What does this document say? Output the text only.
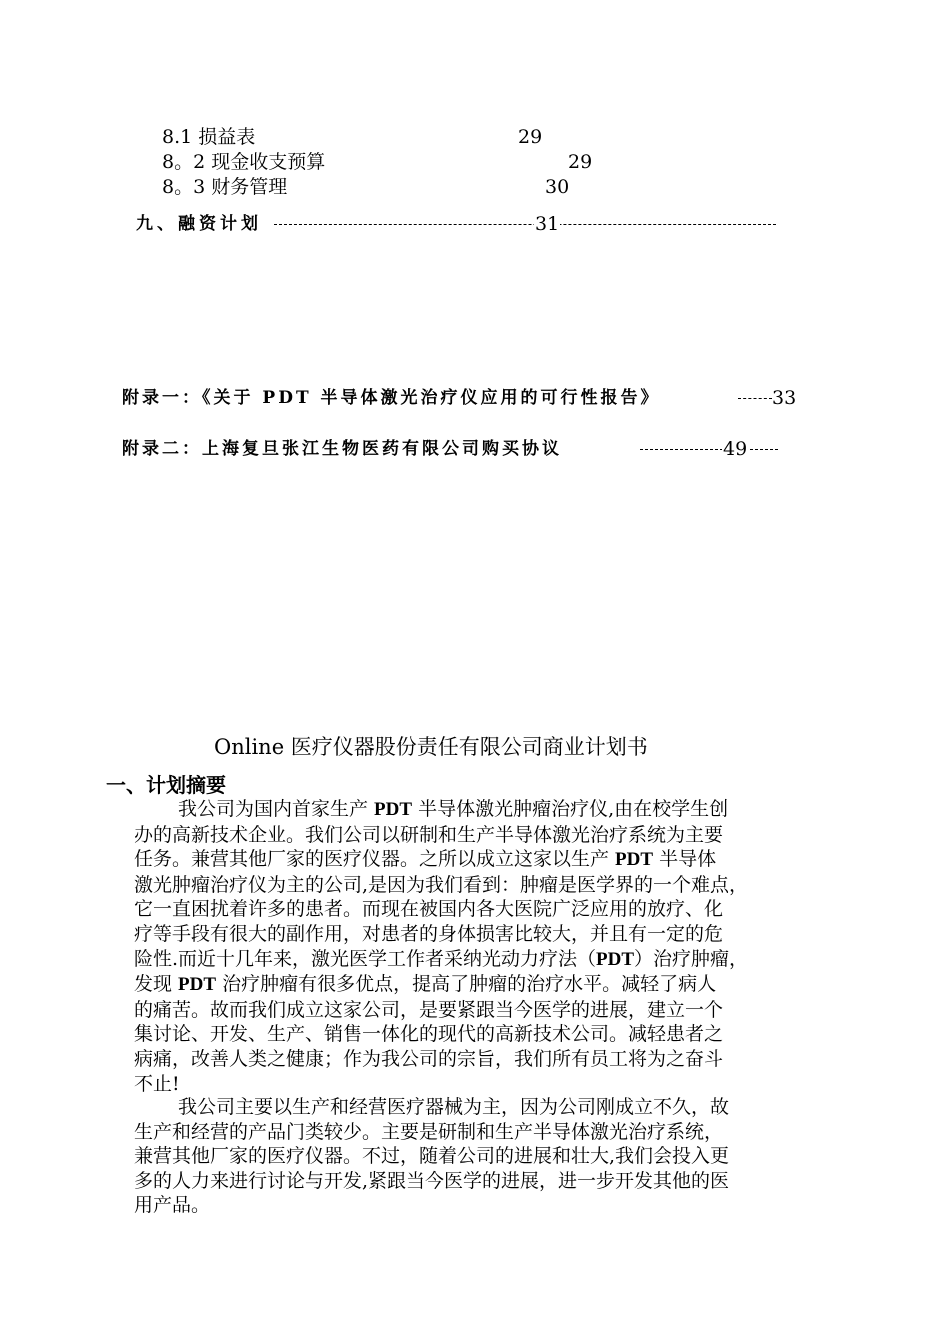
8.1 损益表	29
8。2 现金收支预算	29
8。3 财务管理	30
九、融资计划	31
附录一：《关于 PDT 半导体激光治疗仪应用的可行性报告》	33
附录二：上海复旦张江生物医药有限公司购买协议	49
Online 医疗仪器股份责任有限公司商业计划书
一、计划摘要
我公司为国内首家生产 PDT 半导体激光肿瘤治疗仪,由在校学生创
办的高新技术企业。我们公司以研制和生产半导体激光治疗系统为主要
任务。兼营其他厂家的医疗仪器。之所以成立这家以生产 PDT 半导体
激光肿瘤治疗仪为主的公司,是因为我们看到：肿瘤是医学界的一个难点，
它一直困扰着许多的患者。而现在被国内各大医院广泛应用的放疗、化
疗等手段有很大的副作用，对患者的身体损害比较大，并且有一定的危
险性.而近十几年来，激光医学工作者采纳光动力疗法（PDT）治疗肿瘤，
发现 PDT 治疗肿瘤有很多优点，提高了肿瘤的治疗水平。减轻了病人
的痛苦。故而我们成立这家公司，是要紧跟当今医学的进展，建立一个
集讨论、开发、生产、销售一体化的现代的高新技术公司。减轻患者之
病痛，改善人类之健康；作为我公司的宗旨，我们所有员工将为之奋斗
不止!
我公司主要以生产和经营医疗器械为主，因为公司刚成立不久，故
生产和经营的产品门类较少。主要是研制和生产半导体激光治疗系统，
兼营其他厂家的医疗仪器。不过，随着公司的进展和壮大,我们会投入更
多的人力来进行讨论与开发,紧跟当今医学的进展，进一步开发其他的医
用产品。
